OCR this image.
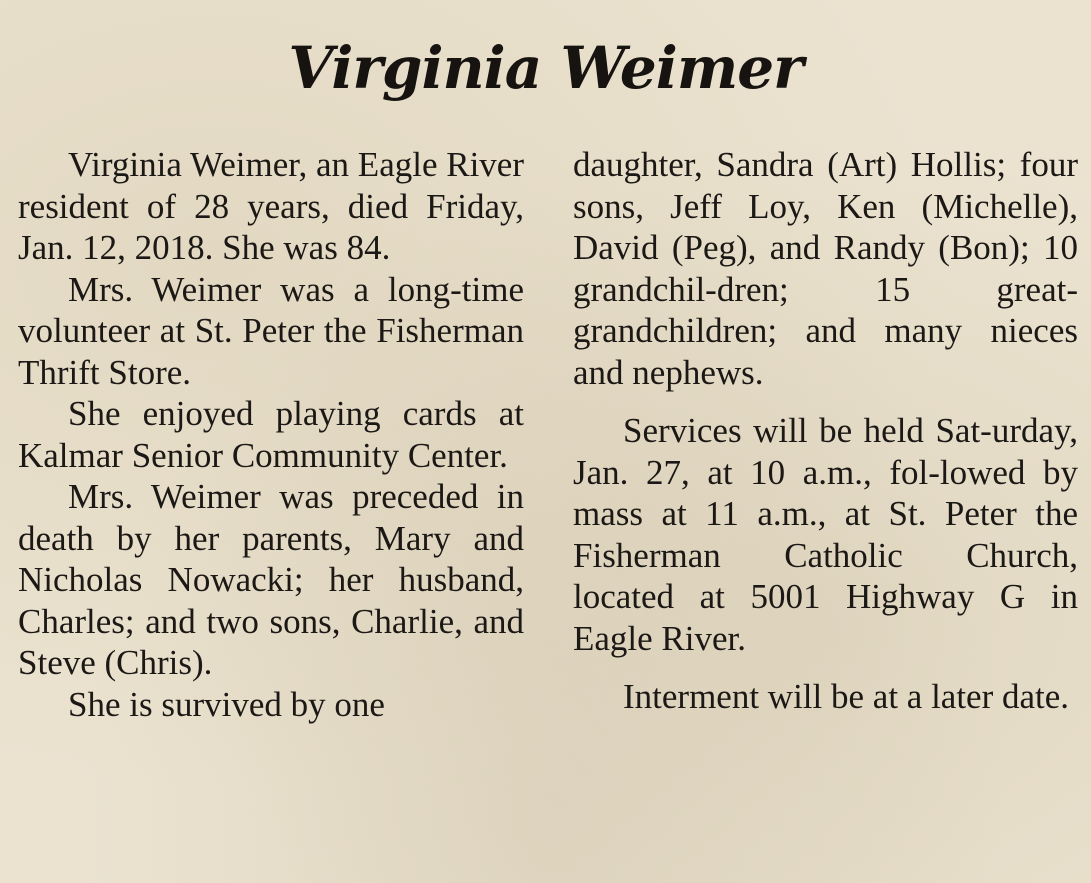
Virginia Weimer

Virginia Weimer, an Eagle River resident of 28 years, died Friday, Jan. 12, 2018. She was 84.

Mrs. Weimer was a long-time volunteer at St. Peter the Fisherman Thrift Store.

She enjoyed playing cards at Kalmar Senior Community Center.

Mrs. Weimer was preceded in death by her parents, Mary and Nicholas Nowacki; her husband, Charles; and two sons, Charlie, and Steve (Chris).

She is survived by one

daughter, Sandra (Art) Hollis; four sons, Jeff Loy, Ken (Michelle), David (Peg), and Randy (Bon); 10 grandchil-dren; 15 great-grandchildren; and many nieces and nephews.

Services will be held Sat-urday, Jan. 27, at 10 a.m., fol-lowed by mass at 11 a.m., at St. Peter the Fisherman Catholic Church, located at 5001 Highway G in Eagle River.

Interment will be at a later date.
